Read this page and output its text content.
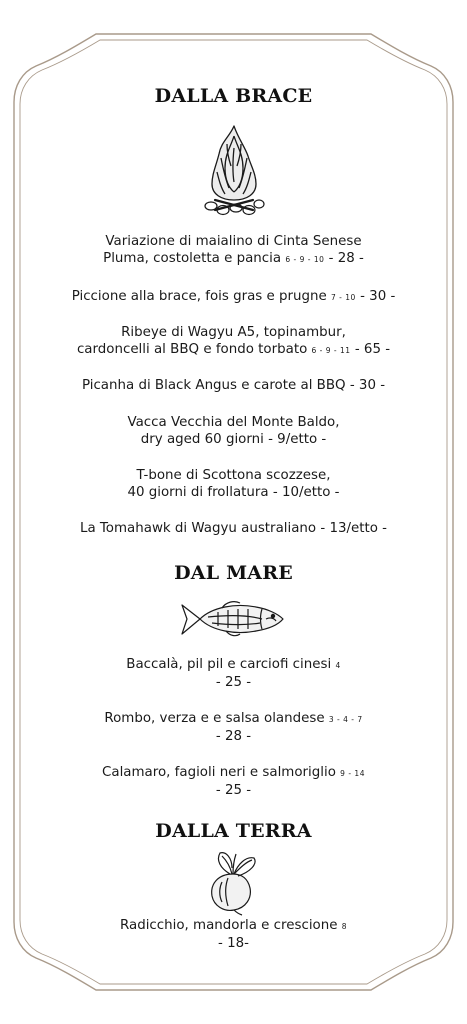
DALLA BRACE
Variazione di maialino di Cinta Senese
Pluma, costoletta e pancia 6 - 9 - 10 - 28 -
Piccione alla brace, fois gras e prugne 7 - 10 - 30 -
Ribeye di Wagyu A5, topinambur,
cardoncelli al BBQ e fondo torbato 6 - 9 - 11 - 65 -
Picanha di Black Angus e carote al BBQ - 30 -
Vacca Vecchia del Monte Baldo,
dry aged 60 giorni - 9/etto -
T-bone di Scottona scozzese,
40 giorni di frollatura - 10/etto -
La Tomahawk di Wagyu australiano - 13/etto -
DAL MARE
Baccalà, pil pil e carciofi cinesi 4
- 25 -
Rombo, verza e e salsa olandese 3 - 4 - 7
- 28 -
Calamaro, fagioli neri e salmoriglio 9 - 14
- 25 -
DALLA TERRA
Radicchio, mandorla e crescione 8
- 18-
